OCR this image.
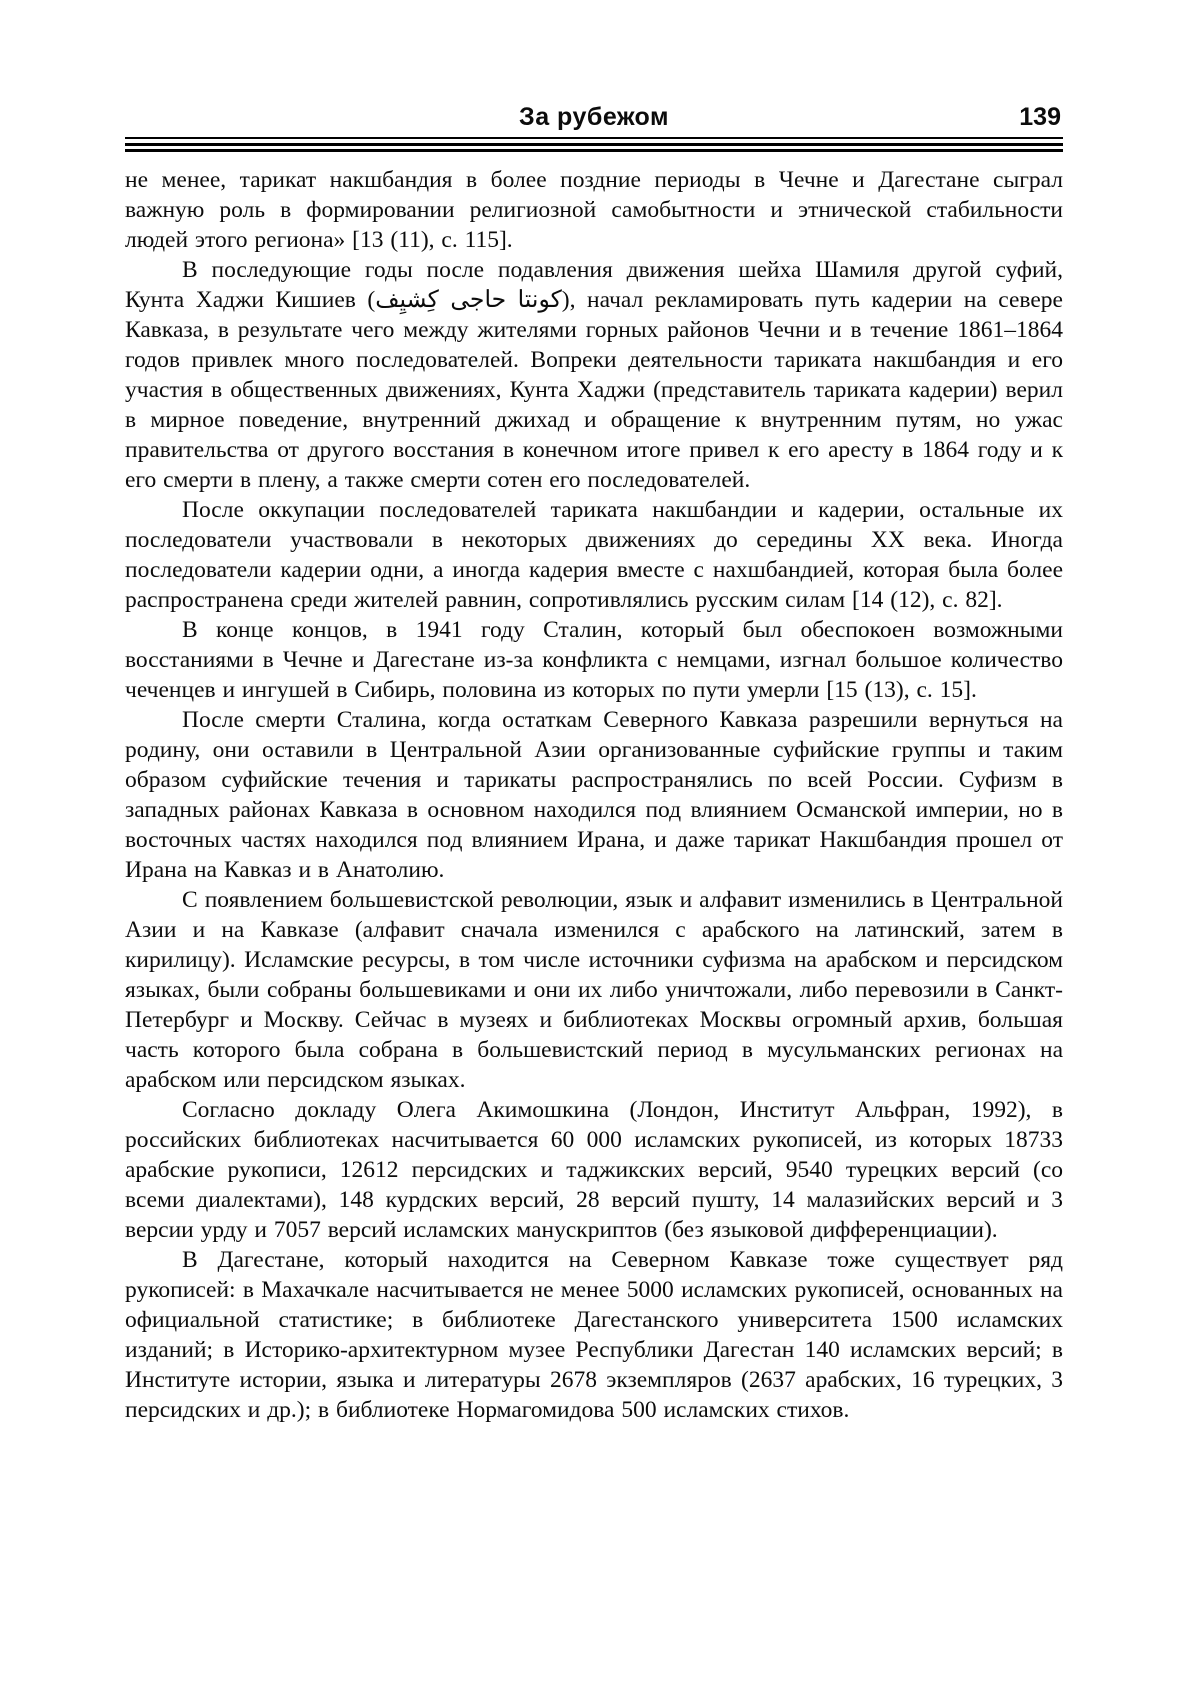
За рубежом	139

не менее, тарикат накшбандия в более поздние периоды в Чечне и Дагестане сыграл важную роль в формировании религиозной самобытности и этнической стабильности людей этого региона» [13 (11), с. 115].

В последующие годы после подавления движения шейха Шамиля другой суфий, Кунта Хаджи Кишиев (كونتا حاجى كِشيِف), начал рекламировать путь кадерии на севере Кавказа, в результате чего между жителями горных районов Чечни и в течение 1861–1864 годов привлек много последователей. Вопреки деятельности тариката накшбандия и его участия в общественных движениях, Кунта Хаджи (представитель тариката кадерии) верил в мирное поведение, внутренний джихад и обращение к внутренним путям, но ужас правительства от другого восстания в конечном итоге привел к его аресту в 1864 году и к его смерти в плену, а также смерти сотен его последователей.

После оккупации последователей тариката накшбандии и кадерии, остальные их последователи участвовали в некоторых движениях до середины XX века. Иногда последователи кадерии одни, а иногда кадерия вместе с нахшбандией, которая была более распространена среди жителей равнин, сопротивлялись русским силам [14 (12), с. 82].

В конце концов, в 1941 году Сталин, который был обеспокоен возможными восстаниями в Чечне и Дагестане из-за конфликта с немцами, изгнал большое количество чеченцев и ингушей в Сибирь, половина из которых по пути умерли [15 (13), с. 15].

После смерти Сталина, когда остаткам Северного Кавказа разрешили вернуться на родину, они оставили в Центральной Азии организованные суфийские группы и таким образом суфийские течения и тарикаты распространялись по всей России. Суфизм в западных районах Кавказа в основном находился под влиянием Османской империи, но в восточных частях находился под влиянием Ирана, и даже тарикат Накшбандия прошел от Ирана на Кавказ и в Анатолию.

С появлением большевистской революции, язык и алфавит изменились в Центральной Азии и на Кавказе (алфавит сначала изменился с арабского на латинский, затем в кирилицу). Исламские ресурсы, в том числе источники суфизма на арабском и персидском языках, были собраны большевиками и они их либо уничтожали, либо перевозили в Санкт-Петербург и Москву. Сейчас в музеях и библиотеках Москвы огромный архив, большая часть которого была собрана в большевистский период в мусульманских регионах на арабском или персидском языках.

Согласно докладу Олега Акимошкина (Лондон, Институт Альфран, 1992), в российских библиотеках насчитывается 60 000 исламских рукописей, из которых 18733 арабские рукописи, 12612 персидских и таджикских версий, 9540 турецких версий (со всеми диалектами), 148 курдских версий, 28 версий пушту, 14 малазийских версий и 3 версии урду и 7057 версий исламских манускриптов (без языковой дифференциации).

В Дагестане, который находится на Северном Кавказе тоже существует ряд рукописей: в Махачкале насчитывается не менее 5000 исламских рукописей, основанных на официальной статистике; в библиотеке Дагестанского университета 1500 исламских изданий; в Историко-архитектурном музее Республики Дагестан 140 исламских версий; в Институте истории, языка и литературы 2678 экземпляров (2637 арабских, 16 турецких, 3 персидских и др.); в библиотеке Нормагомидова 500 исламских стихов.
